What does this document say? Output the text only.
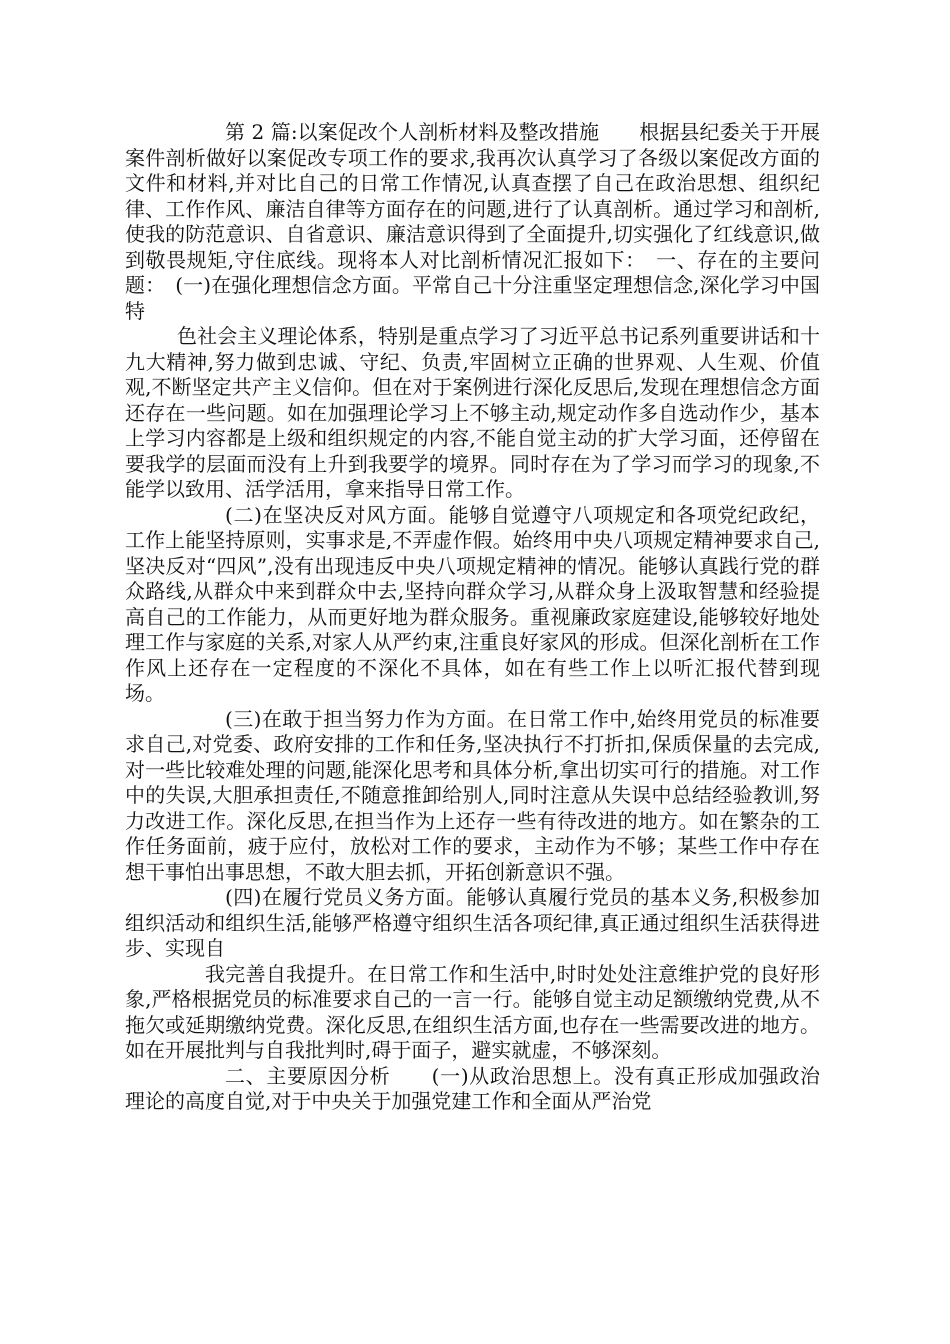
第 2 篇:以案促改个人剖析材料及整改措施　　根据县纪委关于开展案件剖析做好以案促改专项工作的要求,我再次认真学习了各级以案促改方面的文件和材料,并对比自己的日常工作情况,认真查摆了自己在政治思想、组织纪律、工作作风、廉洁自律等方面存在的问题,进行了认真剖析。通过学习和剖析,使我的防范意识、自省意识、廉洁意识得到了全面提升,切实强化了红线意识,做到敬畏规矩,守住底线。现将本人对比剖析情况汇报如下：　一、存在的主要问题：　(一)在强化理想信念方面。平常自己十分注重坚定理想信念,深化学习中国特

色社会主义理论体系，特别是重点学习了习近平总书记系列重要讲话和十九大精神,努力做到忠诚、守纪、负责,牢固树立正确的世界观、人生观、价值观,不断坚定共产主义信仰。但在对于案例进行深化反思后,发现在理想信念方面还存在一些问题。如在加强理论学习上不够主动,规定动作多自选动作少，基本上学习内容都是上级和组织规定的内容,不能自觉主动的扩大学习面，还停留在要我学的层面而没有上升到我要学的境界。同时存在为了学习而学习的现象,不能学以致用、活学活用，拿来指导日常工作。

(二)在坚决反对风方面。能够自觉遵守八项规定和各项党纪政纪，工作上能坚持原则，实事求是,不弄虚作假。始终用中央八项规定精神要求自己,坚决反对“四风”,没有出现违反中央八项规定精神的情况。能够认真践行党的群众路线,从群众中来到群众中去,坚持向群众学习,从群众身上汲取智慧和经验提高自己的工作能力，从而更好地为群众服务。重视廉政家庭建设,能够较好地处理工作与家庭的关系,对家人从严约束,注重良好家风的形成。但深化剖析在工作作风上还存在一定程度的不深化不具体，如在有些工作上以听汇报代替到现场。

(三)在敢于担当努力作为方面。在日常工作中,始终用党员的标准要求自己,对党委、政府安排的工作和任务,坚决执行不打折扣,保质保量的去完成,对一些比较难处理的问题,能深化思考和具体分析,拿出切实可行的措施。对工作中的失误,大胆承担责任,不随意推卸给别人,同时注意从失误中总结经验教训,努力改进工作。深化反思,在担当作为上还存一些有待改进的地方。如在繁杂的工作任务面前，疲于应付，放松对工作的要求，主动作为不够；某些工作中存在想干事怕出事思想，不敢大胆去抓，开拓创新意识不强。

(四)在履行党员义务方面。能够认真履行党员的基本义务,积极参加组织活动和组织生活,能够严格遵守组织生活各项纪律,真正通过组织生活获得进步、实现自

我完善自我提升。在日常工作和生活中,时时处处注意维护党的良好形象,严格根据党员的标准要求自己的一言一行。能够自觉主动足额缴纳党费,从不拖欠或延期缴纳党费。深化反思,在组织生活方面,也存在一些需要改进的地方。如在开展批判与自我批判时,碍于面子，避实就虚，不够深刻。

二、主要原因分析　　(一)从政治思想上。没有真正形成加强政治理论的高度自觉,对于中央关于加强党建工作和全面从严治党
